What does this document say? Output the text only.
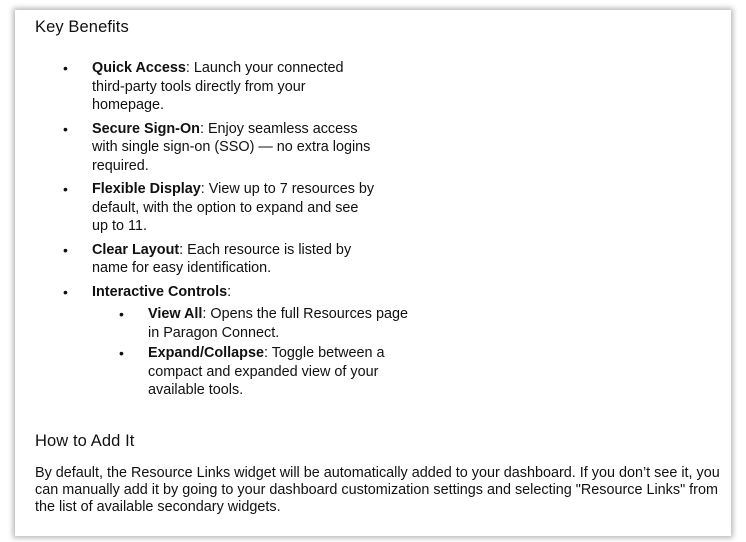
Key Benefits
• Quick Access: Launch your connected third-party tools directly from your homepage.
• Secure Sign-On: Enjoy seamless access with single sign-on (SSO) — no extra logins required.
• Flexible Display: View up to 7 resources by default, with the option to expand and see up to 11.
• Clear Layout: Each resource is listed by name for easy identification.
• Interactive Controls:
• View All: Opens the full Resources page in Paragon Connect.
• Expand/Collapse: Toggle between a compact and expanded view of your available tools.
How to Add It

By default, the Resource Links widget will be automatically added to your dashboard. If you don’t see it, you can manually add it by going to your dashboard customization settings and selecting "Resource Links" from the list of available secondary widgets.
